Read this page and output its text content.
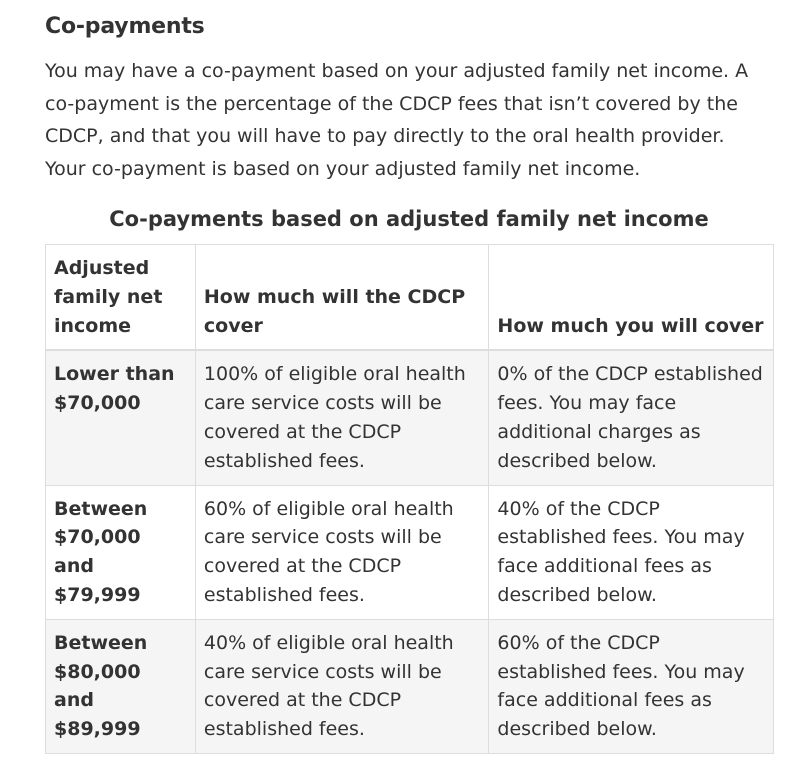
Co-payments

You may have a co-payment based on your adjusted family net income. A co-payment is the percentage of the CDCP fees that isn’t covered by the CDCP, and that you will have to pay directly to the oral health provider. Your co-payment is based on your adjusted family net income.

Co-payments based on adjusted family net income
Adjusted family net income	How much will the CDCP cover	How much you will cover
Lower than $70,000	100% of eligible oral health care service costs will be covered at the CDCP established fees.	0% of the CDCP established fees. You may face additional charges as described below.
Between $70,000 and $79,999	60% of eligible oral health care service costs will be covered at the CDCP established fees.	40% of the CDCP established fees. You may face additional fees as described below.
Between $80,000 and $89,999	40% of eligible oral health care service costs will be covered at the CDCP established fees.	60% of the CDCP established fees. You may face additional fees as described below.
